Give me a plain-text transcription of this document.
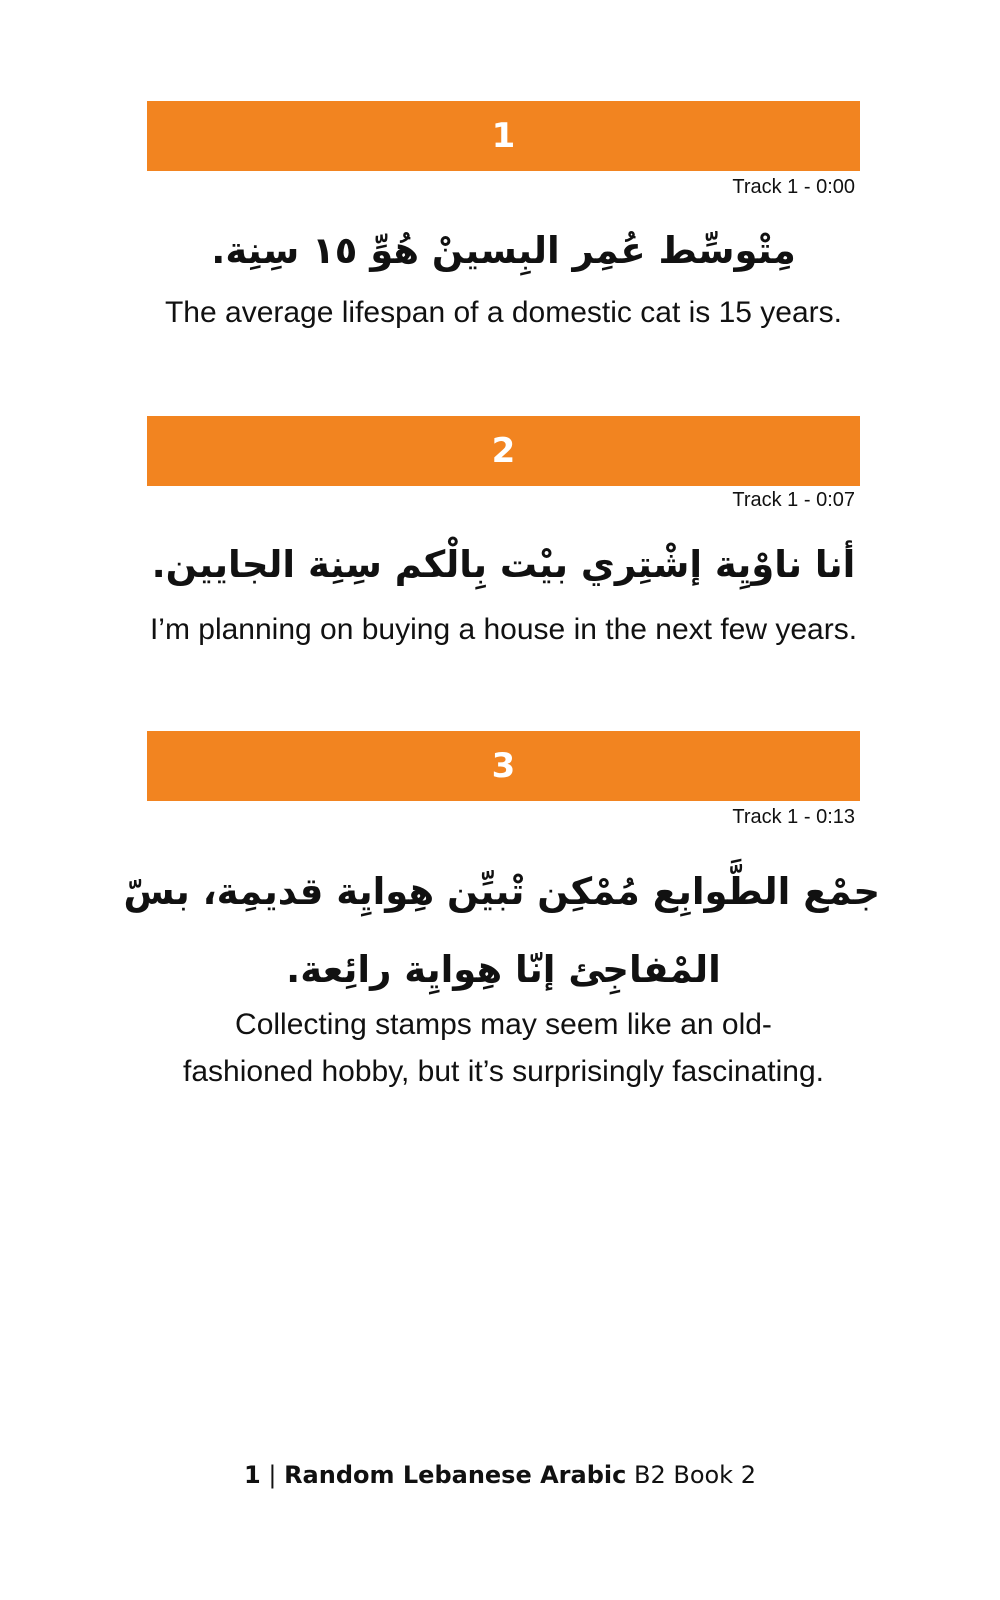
1
Track 1 - 0:00
مِتْوسِّط عُمِر البِسينْ هُوِّ ١٥ سِنِة.
The average lifespan of a domestic cat is 15 years.
2
Track 1 - 0:07
أنا ناوْيِة إشْتِري بيْت بِالْكم سِنِة الجايين.
I’m planning on buying a house in the next few years.
3
Track 1 - 0:13
جمْع الطَّوابِع مُمْكِن تْبيِّن هِوايِة قديمِة، بسّ
المْفاجِئ إنّا هِوايِة رائِعة.
Collecting stamps may seem like an old-fashioned hobby, but it’s surprisingly fascinating.
1 | Random Lebanese Arabic B2 Book 2
